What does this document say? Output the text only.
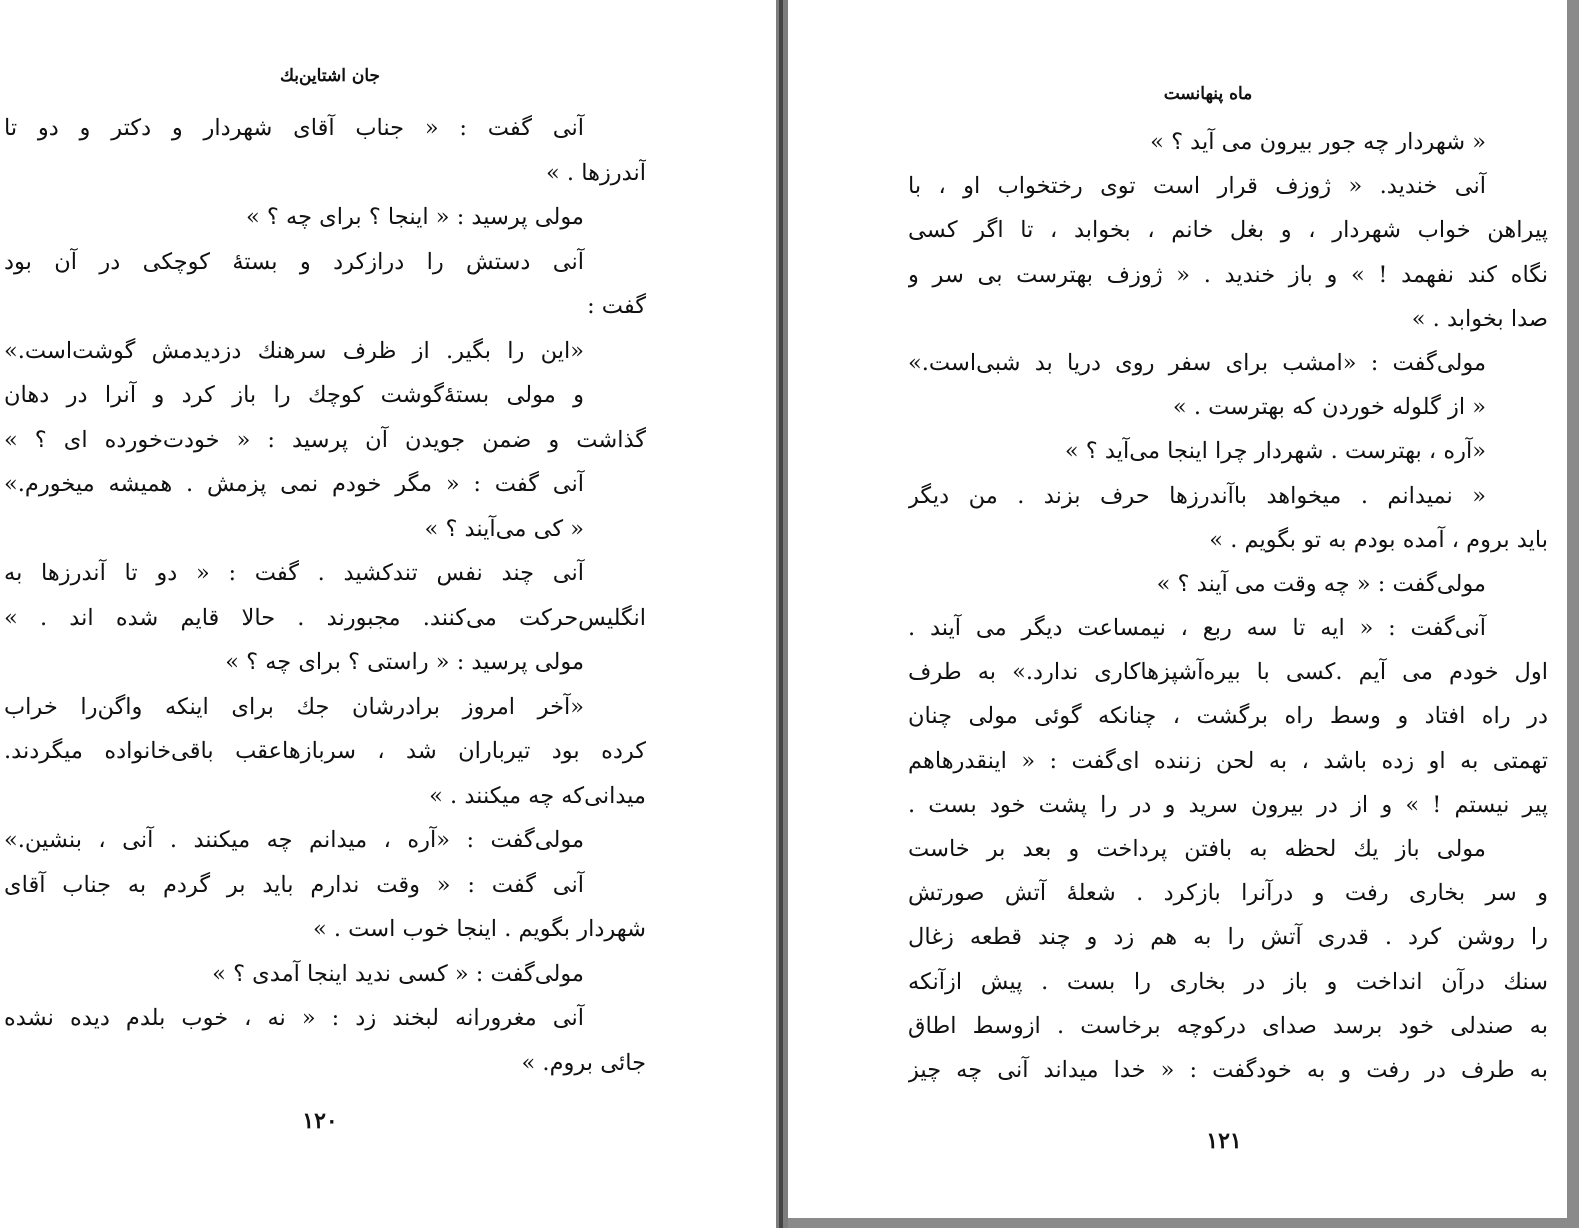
جان اشتاین‌بك
آنی گفت : « جناب آقای شهردار و دکتر و دو تا
آندرزها . »
مولی پرسید : « اینجا ؟ برای چه ؟ »
آنی دستش را درازکرد و بستهٔ کوچکی در آن بود
گفت :
«این را بگیر. از ظرف سرهنك دزدیدمش گوشت‌است.»
و مولی بستهٔ‌گوشت کوچك را باز کرد و آنرا در دهان
گذاشت و ضمن جویدن آن پرسید : « خودت‌خورده ای ؟ »
آنی گفت : « مگر خودم نمی پزمش . همیشه میخورم.»
« کی می‌آیند ؟ »
آنی چند نفس تندکشید . گفت : « دو تا آندرزها به
انگلیس‌حرکت می‌کنند. مجبورند . حالا قایم شده اند . »
مولی پرسید : « راستی ؟ برای چه ؟ »
«آخر امروز برادرشان جك برای اینکه واگن‌را خراب
کرده بود تیرباران شد ، سربازهاعقب باقی‌خانواده میگردند.
میدانی‌که چه میکنند . »
مولی‌گفت : «آره ، میدانم چه میکنند . آنی ، بنشین.»
آنی گفت : « وقت ندارم باید بر گردم به جناب آقای
شهردار بگویم . اینجا خوب است . »
مولی‌گفت : « کسی ندید اینجا آمدی ؟ »
آنی مغرورانه لبخند زد : « نه ، خوب بلدم دیده نشده
جائی بروم. »
۱۲۰
ماه پنهانست
« شهردار چه جور بیرون می آید ؟ »
آنی خندید. « ژوزف قرار است توی رختخواب او ، با
پیراهن خواب شهردار ، و بغل خانم ، بخوابد ، تا اگر کسی
نگاه کند نفهمد ! » و باز خندید . « ژوزف بهترست بی سر و
صدا بخوابد . »
مولی‌گفت : «امشب برای سفر روی دریا بد شبی‌است.»
« از گلوله خوردن که بهترست . »
«آره ، بهترست . شهردار چرا اینجا می‌آید ؟ »
« نمیدانم . میخواهد باآندرزها حرف بزند . من دیگر
باید بروم ، آمده بودم به تو بگویم . »
مولی‌گفت : « چه وقت می آیند ؟ »
آنی‌گفت : « ایه تا سه ربع ، نیمساعت دیگر می آیند .
اول خودم می آیم .کسی با بیره‌آشپزهاکاری ندارد.» به طرف
در راه افتاد و وسط راه برگشت ، چنانکه گوئی مولی چنان
تهمتی به او زده باشد ، به لحن زننده ای‌گفت : « اینقدرهاهم
پیر نیستم ! » و از در بیرون سرید و در را پشت خود بست .
مولی باز یك لحظه به بافتن پرداخت و بعد بر خاست
و سر بخاری رفت و درآنرا بازکرد . شعلهٔ آتش صورتش
را روشن کرد . قدری آتش را به هم زد و چند قطعه زغال
سنك درآن انداخت و باز در بخاری را بست . پیش ازآنکه
به صندلی خود برسد صدای درکوچه برخاست . ازوسط اطاق
به طرف در رفت و به خودگفت : « خدا میداند آنی چه چیز
۱۲۱
